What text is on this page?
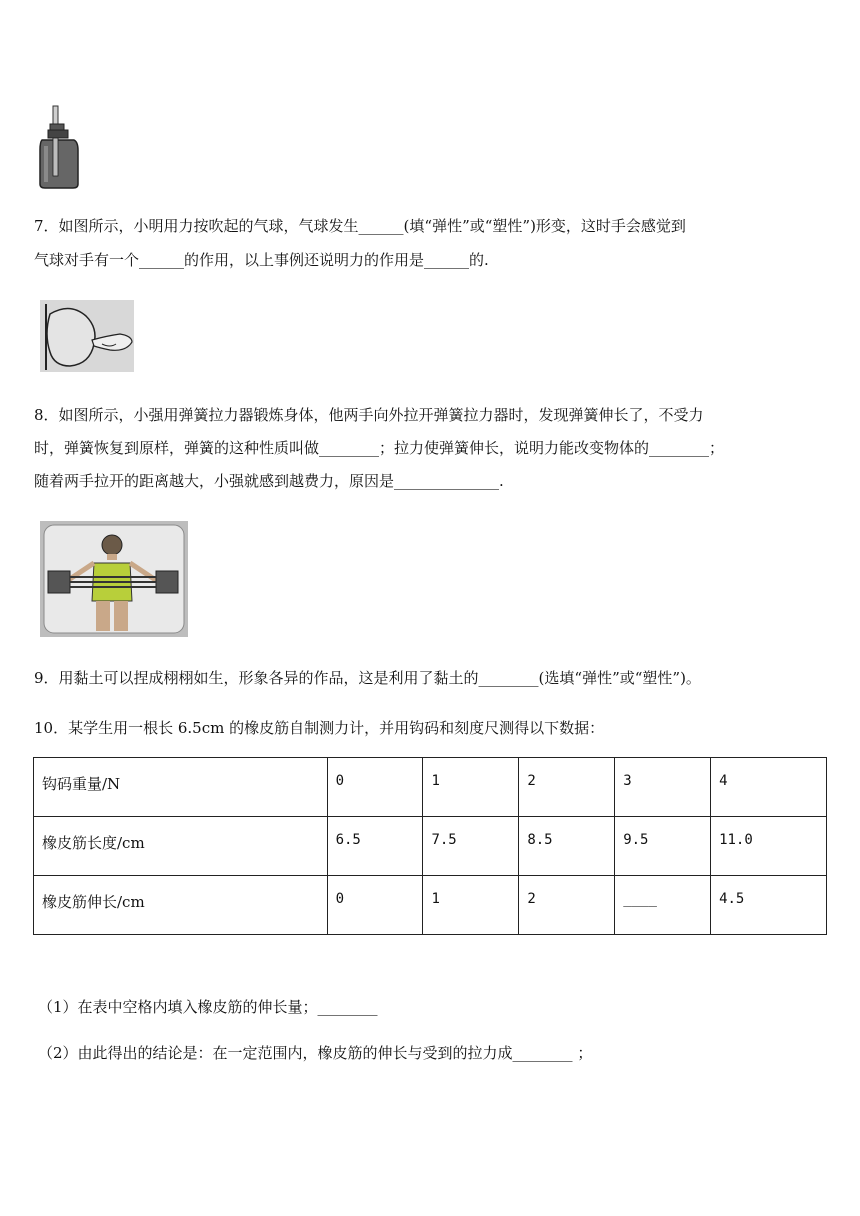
7．如图所示，小明用力按吹起的气球，气球发生______(填“弹性”或“塑性”)形变，这时手会感觉到
气球对手有一个______的作用，以上事例还说明力的作用是______的.
8．如图所示，小强用弹簧拉力器锻炼身体，他两手向外拉开弹簧拉力器时，发现弹簧伸长了，不受力
时，弹簧恢复到原样，弹簧的这种性质叫做________；拉力使弹簧伸长，说明力能改变物体的________；
随着两手拉开的距离越大，小强就感到越费力，原因是______________.
9．用黏土可以捏成栩栩如生，形象各异的作品，这是利用了黏土的________(选填“弹性”或“塑性”)。
10．某学生用一根长 6.5cm 的橡皮筋自制测力计，并用钩码和刻度尺测得以下数据：
钩码重量/N	0	1	2	3	4
橡皮筋长度/cm	6.5	7.5	8.5	9.5	11.0
橡皮筋伸长/cm	0	1	2	____	4.5
（1）在表中空格内填入橡皮筋的伸长量；________
（2）由此得出的结论是：在一定范围内，橡皮筋的伸长与受到的拉力成________ ；
